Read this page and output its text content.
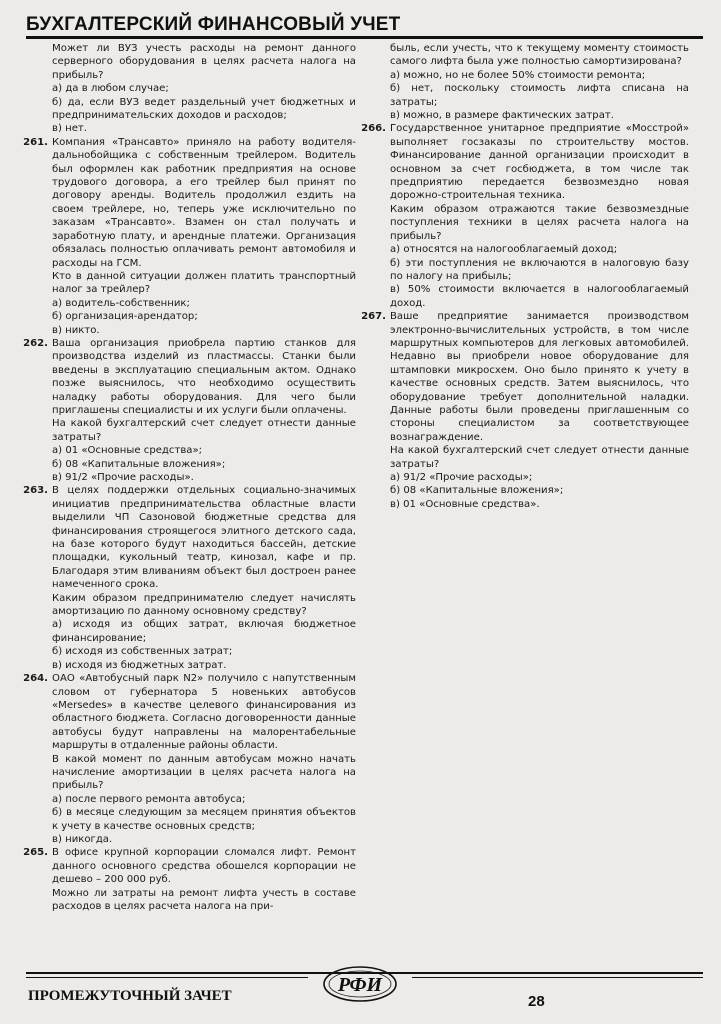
БУХГАЛТЕРСКИЙ ФИНАНСОВЫЙ УЧЕТ
Может ли ВУЗ учесть расходы на ремонт данного серверного оборудования в целях расчета налога на прибыль?
а) да в любом случае;
б) да, если ВУЗ ведет раздельный учет бюджетных и предпринимательских доходов и расходов;
в) нет.
261. Компания «Трансавто» приняло на работу водителя-дальнобойщика с собственным трейлером. Водитель был оформлен как работник предприятия на основе трудового договора, а его трейлер был принят по договору аренды. Водитель продолжил ездить на своем трейлере, но, теперь уже исключительно по заказам «Трансавто». Взамен он стал получать и заработную плату, и арендные платежи. Организация обязалась полностью оплачивать ремонт автомобиля и расходы на ГСМ.
Кто в данной ситуации должен платить транспортный налог за трейлер?
а) водитель-собственник;
б) организация-арендатор;
в) никто.
262. Ваша организация приобрела партию станков для производства изделий из пластмассы. Станки были введены в эксплуатацию специальным актом. Однако позже выяснилось, что необходимо осуществить наладку работы оборудования. Для чего были приглашены специалисты и их услуги были оплачены.
На какой бухгалтерский счет следует отнести данные затраты?
а) 01 «Основные средства»;
б) 08 «Капитальные вложения»;
в) 91/2 «Прочие расходы».
263. В целях поддержки отдельных социально-значимых инициатив предпринимательства областные власти выделили ЧП Сазоновой бюджетные средства для финансирования строящегося элитного детского сада, на базе которого будут находиться бассейн, детские площадки, кукольный театр, кинозал, кафе и пр. Благодаря этим вливаниям объект был достроен ранее намеченного срока.
Каким образом предпринимателю следует начислять амортизацию по данному основному средству?
а) исходя из общих затрат, включая бюджетное финансирование;
б) исходя из собственных затрат;
в) исходя из бюджетных затрат.
264. ОАО «Автобусный парк N2» получило с напутственным словом от губернатора 5 новеньких автобусов «Mersedes» в качестве целевого финансирования из областного бюджета. Согласно договоренности данные автобусы будут направлены на малорентабельные маршруты в отдаленные районы области.
В какой момент по данным автобусам можно начать начисление амортизации в целях расчета налога на прибыль?
а) после первого ремонта автобуса;
б) в месяце следующим за месяцем принятия объектов к учету в качестве основных средств;
в) никогда.
265. В офисе крупной корпорации сломался лифт. Ремонт данного основного средства обошелся корпорации не дешево – 200 000 руб.
Можно ли затраты на ремонт лифта учесть в составе расходов в целях расчета налога на при-
быль, если учесть, что к текущему моменту стоимость самого лифта была уже полностью самортизирована?
а) можно, но не более 50% стоимости ремонта;
б) нет, поскольку стоимость лифта списана на затраты;
в) можно, в размере фактических затрат.
266. Государственное унитарное предприятие «Мосстрой» выполняет госзаказы по строительству мостов. Финансирование данной организации происходит в основном за счет госбюджета, в том числе так предприятию передается безвозмездно новая дорожно-строительная техника.
Каким образом отражаются такие безвозмездные поступления техники в целях расчета налога на прибыль?
а) относятся на налогооблагаемый доход;
б) эти поступления не включаются в налоговую базу по налогу на прибыль;
в) 50% стоимости включается в налогооблагаемый доход.
267. Ваше предприятие занимается производством электронно-вычислительных устройств, в том числе маршрутных компьютеров для легковых автомобилей. Недавно вы приобрели новое оборудование для штамповки микросхем. Оно было принято к учету в качестве основных средств. Затем выяснилось, что оборудование требует дополнительной наладки. Данные работы были проведены приглашенным со стороны специалистом за соответствующее вознаграждение.
На какой бухгалтерский счет следует отнести данные затраты?
а) 91/2 «Прочие расходы»;
б) 08 «Капитальные вложения»;
в) 01 «Основные средства».
ПРОМЕЖУТОЧНЫЙ ЗАЧЕТ	РФИ
28
